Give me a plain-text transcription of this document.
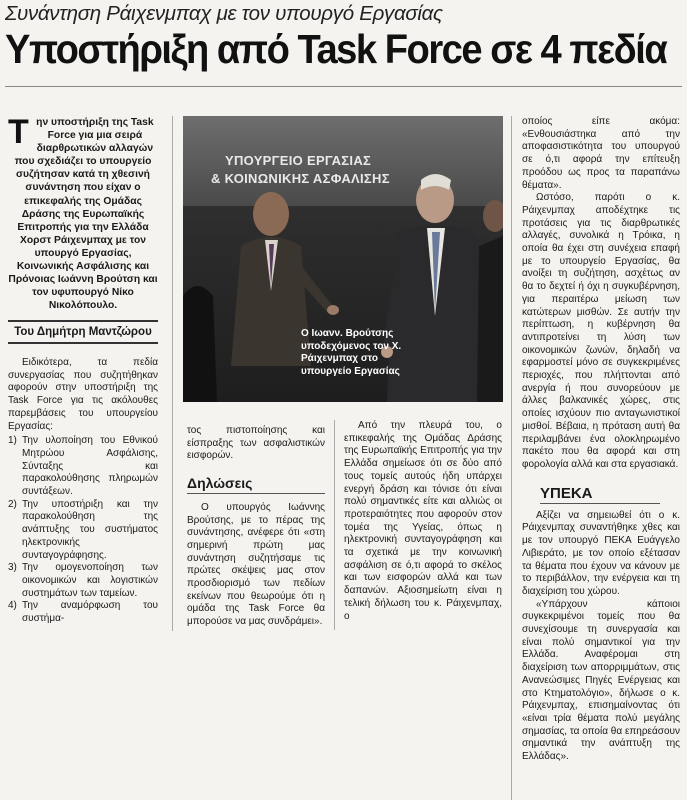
Συνάντηση Ράιχενμπαχ με τον υπουργό Εργασίας
Υποστήριξη από Task Force σε 4 πεδία
Την υποστήριξη της Task Force για μια σειρά διαρθρωτικών αλλαγών που σχεδιάζει το υπουργείο συζήτησαν κατά τη χθεσινή συνάντηση που είχαν ο επικεφαλής της Ομάδας Δράσης της Ευρωπαϊκής Επιτροπής για την Ελλάδα Χορστ Ράιχενμπαχ με τον υπουργό Εργασίας, Κοινωνικής Ασφάλισης και Πρόνοιας Ιωάννη Βρούτση και τον υφυπουργό Νίκο Νικολόπουλο.
Του Δημήτρη Μαντζώρου

Ειδικότερα, τα πεδία συνεργασίας που συζητήθηκαν αφορούν στην υποστήριξη της Task Force για τις ακόλουθες παρεμβάσεις του υπουργείου Εργασίας:

1) Την υλοποίηση του Εθνικού Μητρώου Ασφάλισης, Σύνταξης και παρακολούθησης πληρωμών συντάξεων.
2) Την υποστήριξη και την παρακολούθηση της ανάπτυξης του συστήματος ηλεκτρονικής συνταγογράφησης.
3) Την ομογενοποίηση των οικονομικών και λογιστικών συστημάτων των ταμείων.
4) Την αναμόρφωση του συστήμα-
ΥΠΟΥΡΓΕΙΟ ΕΡΓΑΣΙΑΣ
& ΚΟΙΝΩΝΙΚΗΣ ΑΣΦΑΛΙΣΗΣ
Ο Ιωανν. Βρούτσης υποδεχόμενος τον Χ. Ράιχενμπαχ στο υπουργείο Εργασίας

τος πιστοποίησης και είσπραξης των ασφαλιστικών εισφορών.

Δηλώσεις

Ο υπουργός Ιωάννης Βρούτσης, με το πέρας της συνάντησης, ανέφερε ότι «στη σημερινή πρώτη μας συνάντηση συζητήσαμε τις πρώτες σκέψεις μας στον προσδιορισμό των πεδίων εκείνων που θεωρούμε ότι η ομάδα της Task Force θα μπορούσε να μας συνδράμει».

Από την πλευρά του, ο επικεφαλής της Ομάδας Δράσης της Ευρωπαϊκής Επιτροπής για την Ελλάδα σημείωσε ότι σε δύο από τους τομείς αυτούς ήδη υπάρχει ενεργή δράση και τόνισε ότι είναι πολύ σημαντικές είτε και αλλιώς οι προτεραιότητες που αφορούν στον τομέα της Υγείας, όπως η ηλεκτρονική συνταγογράφηση και τα σχετικά με την κοινωνική ασφάλιση σε ό,τι αφορά το σκέλος και των εισφορών αλλά και των δαπανών. Αξιοσημείωτη είναι η τελική δήλωση του κ. Ράιχενμπαχ, ο

οποίος είπε ακόμα: «Ενθουσιάστηκα από την αποφασιστικότητα του υπουργού σε ό,τι αφορά την επίτευξη προόδου ως προς τα παραπάνω θέματα».

Ωστόσο, παρότι ο κ. Ράιχενμπαχ αποδέχτηκε τις προτάσεις για τις διαρθρωτικές αλλαγές, συνολικά η Τρόικα, η οποία θα έχει στη συνέχεια επαφή με το υπουργείο Εργασίας, θα ανοίξει τη συζήτηση, ασχέτως αν θα το δεχτεί ή όχι η συγκυβέρνηση, για περαιτέρω μείωση των κατώτερων μισθών. Σε αυτήν την περίπτωση, η κυβέρνηση θα αντιπροτείνει τη λύση των οικονομικών ζωνών, δηλαδή να εφαρμοστεί μόνο σε συγκεκριμένες περιοχές, που πλήττονται από ανεργία ή που συνορεύουν με άλλες βαλκανικές χώρες, στις οποίες ισχύουν πιο ανταγωνιστικοί μισθοί. Βέβαια, η πρόταση αυτή θα περιλαμβάνει ένα ολοκληρωμένο πακέτο που θα αφορά και στη φορολογία αλλά και στα εργασιακά.

ΥΠΕΚΑ

Αξίζει να σημειωθεί ότι ο κ. Ράιχενμπαχ συναντήθηκε χθες και με τον υπουργό ΠΕΚΑ Ευάγγελο Λιβιεράτο, με τον οποίο εξέτασαν τα θέματα που έχουν να κάνουν με το περιβάλλον, την ενέργεια και τη διαχείριση του χώρου.

«Υπάρχουν κάποιοι συγκεκριμένοι τομείς που θα συνεχίσουμε τη συνεργασία και είναι πολύ σημαντικοί για την Ελλάδα. Αναφέρομαι στη διαχείριση των απορριμμάτων, στις Ανανεώσιμες Πηγές Ενέργειας και στο Κτηματολόγιο», δήλωσε ο κ. Ράιχενμπαχ, επισημαίνοντας ότι «είναι τρία θέματα πολύ μεγάλης σημασίας, τα οποία θα επηρεάσουν σημαντικά την ανάπτυξη της Ελλάδας».
